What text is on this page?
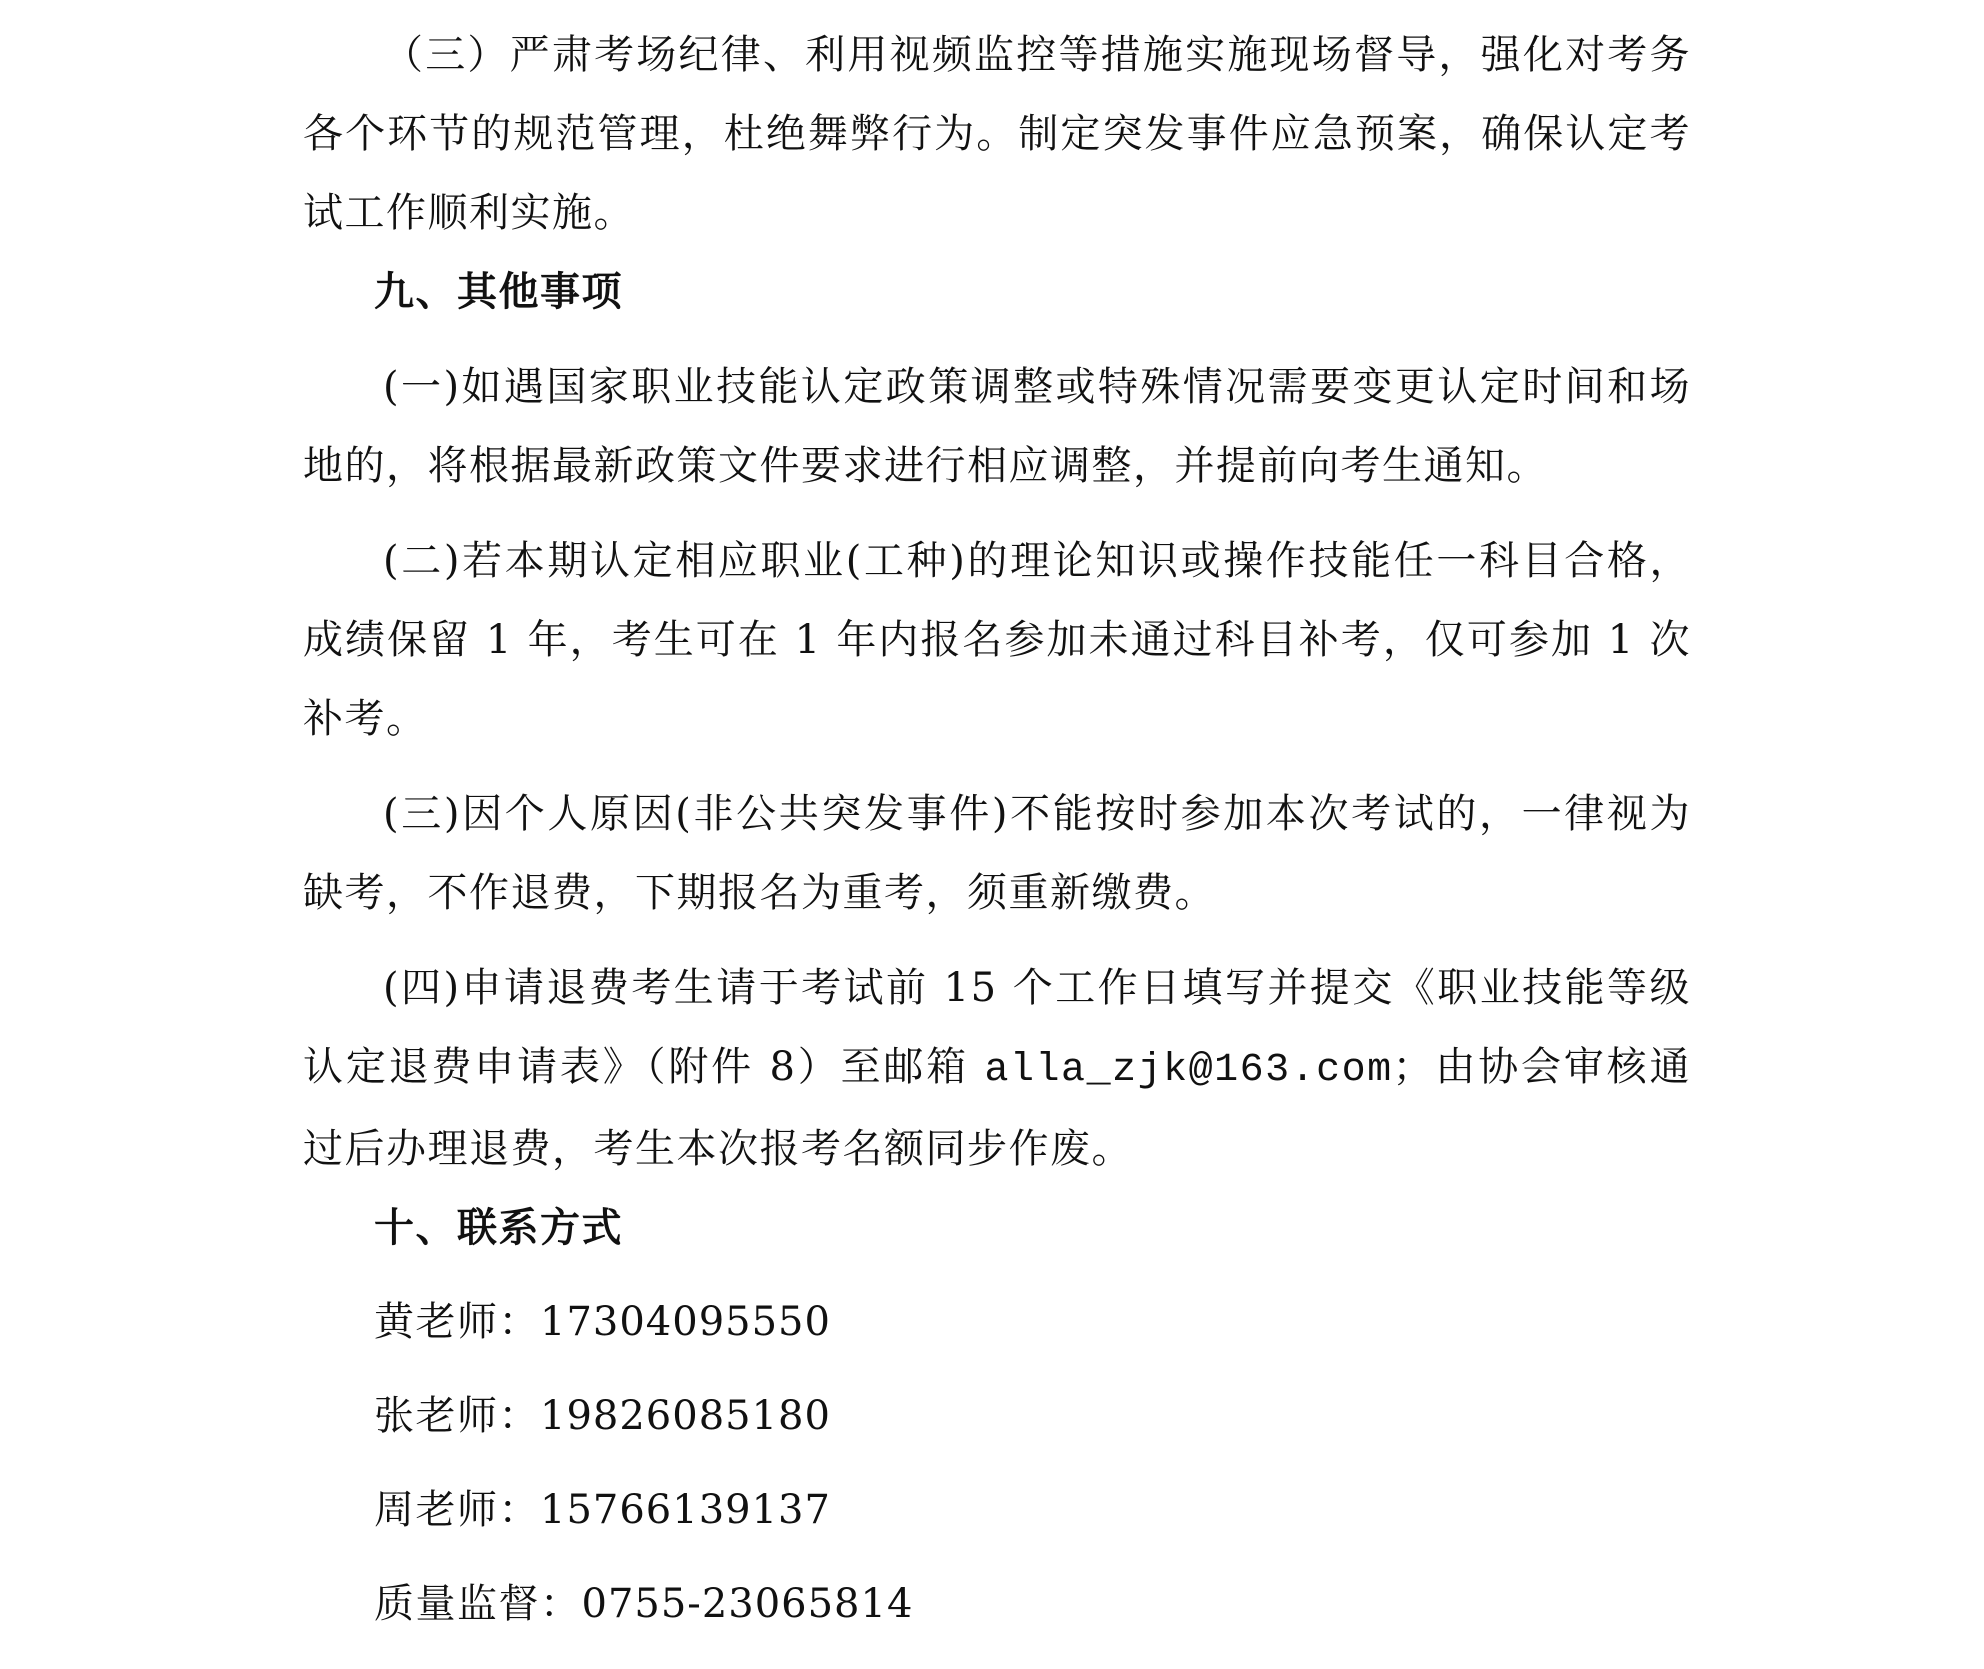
（三）严肃考场纪律、利用视频监控等措施实施现场督导，强化对考务各个环节的规范管理，杜绝舞弊行为。制定突发事件应急预案，确保认定考试工作顺利实施。

九、其他事项

(一)如遇国家职业技能认定政策调整或特殊情况需要变更认定时间和场地的，将根据最新政策文件要求进行相应调整，并提前向考生通知。

(二)若本期认定相应职业(工种)的理论知识或操作技能任一科目合格，成绩保留 1 年，考生可在 1 年内报名参加未通过科目补考，仅可参加 1 次补考。

(三)因个人原因(非公共突发事件)不能按时参加本次考试的，一律视为缺考，不作退费，下期报名为重考，须重新缴费。

(四)申请退费考生请于考试前 15 个工作日填写并提交《职业技能等级认定退费申请表》（附件 8）至邮箱 alla_zjk@163.com；由协会审核通过后办理退费，考生本次报考名额同步作废。

十、联系方式

黄老师：17304095550

张老师：19826085180

周老师：15766139137

质量监督：0755-23065814
